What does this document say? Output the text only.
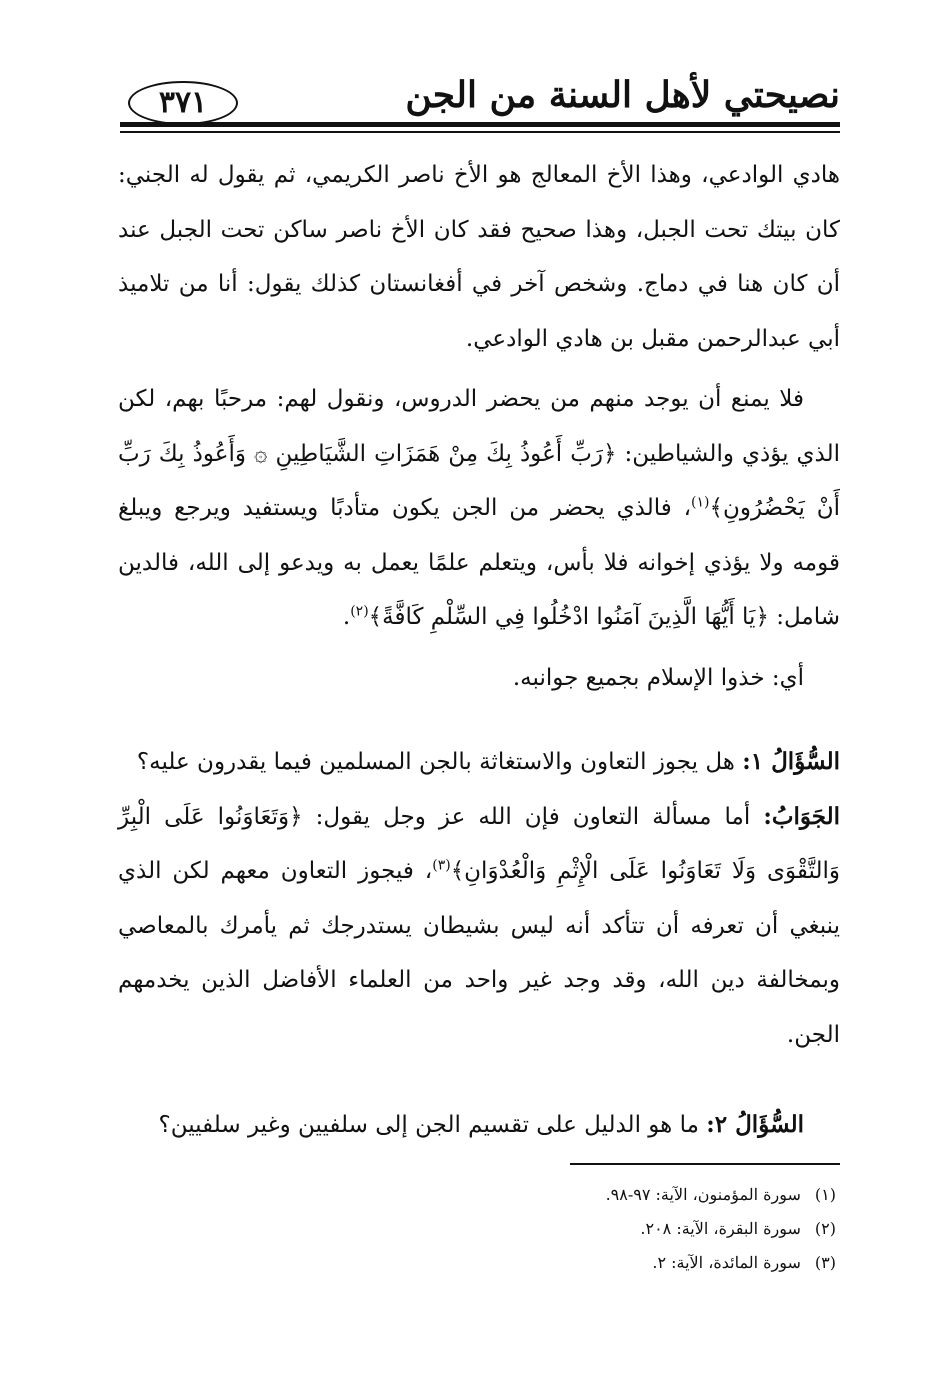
نصيحتي لأهل السنة من الجن
٣٧١

هادي الوادعي، وهذا الأخ المعالج هو الأخ ناصر الكريمي، ثم يقول له الجني: كان بيتك تحت الجبل، وهذا صحيح فقد كان الأخ ناصر ساكن تحت الجبل عند أن كان هنا في دماج. وشخص آخر في أفغانستان كذلك يقول: أنا من تلاميذ أبي عبدالرحمن مقبل بن هادي الوادعي.

فلا يمنع أن يوجد منهم من يحضر الدروس، ونقول لهم: مرحبًا بهم، لكن الذي يؤذي والشياطين: ﴿رَبِّ أَعُوذُ بِكَ مِنْ هَمَزَاتِ الشَّيَاطِينِ ۞ وَأَعُوذُ بِكَ رَبِّ أَنْ يَحْضُرُونِ﴾$^{(١)}$، فالذي يحضر من الجن يكون متأدبًا ويستفيد ويرجع ويبلغ قومه ولا يؤذي إخوانه فلا بأس، ويتعلم علمًا يعمل به ويدعو إلى الله، فالدين شامل: ﴿يَا أَيُّهَا الَّذِينَ آمَنُوا ادْخُلُوا فِي السِّلْمِ كَافَّةً﴾$^{(٢)}$.

أي: خذوا الإسلام بجميع جوانبه.

السُّؤَالُ ١: هل يجوز التعاون والاستغاثة بالجن المسلمين فيما يقدرون عليه؟

الجَوَابُ: أما مسألة التعاون فإن الله عز وجل يقول: ﴿وَتَعَاوَنُوا عَلَى الْبِرِّ وَالتَّقْوَى وَلَا تَعَاوَنُوا عَلَى الْإِثْمِ وَالْعُدْوَانِ﴾$^{(٣)}$، فيجوز التعاون معهم لكن الذي ينبغي أن تعرفه أن تتأكد أنه ليس بشيطان يستدرجك ثم يأمرك بالمعاصي وبمخالفة دين الله، وقد وجد غير واحد من العلماء الأفاضل الذين يخدمهم الجن.

السُّؤَالُ ٢: ما هو الدليل على تقسيم الجن إلى سلفيين وغير سلفيين؟

(١)سورة المؤمنون، الآية: ٩٧-٩٨.
(٢)سورة البقرة، الآية: ٢٠٨.
(٣)سورة المائدة، الآية: ٢.
